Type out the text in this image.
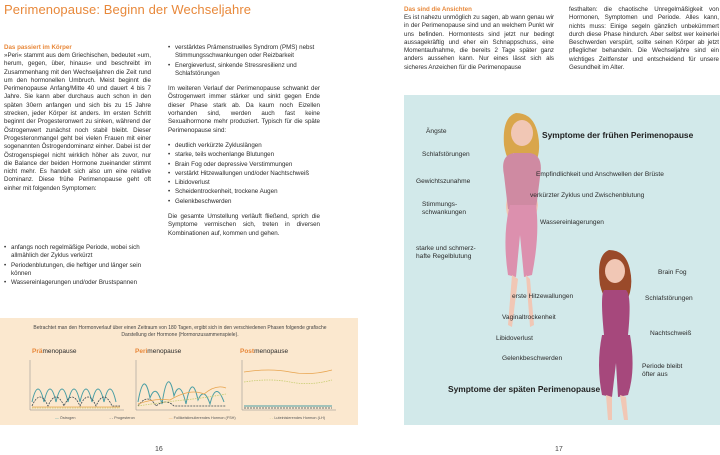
Perimenopause: Beginn der Wechseljahre
Das passiert im Körper
»Peri« stammt aus dem Griechischen, bedeutet »um, herum, gegen, über, hinaus« und beschreibt im Zusammenhang mit den Wechseljahren die Zeit rund um den hormonellen Umbruch. Meist beginnt die Perimenopause Anfang/Mitte 40 und dauert 4 bis 7 Jahre. Sie kann aber durchaus auch schon in den späten 30ern anfangen und sich bis zu 15 Jahre strecken, jeder Körper ist anders. Im ersten Schritt beginnt der Progesteronwert zu sinken, während der Östrogenwert zunächst noch stabil bleibt. Dieser Progesteronmangel geht bei vielen Frauen mit einer sogenannten Östrogendominanz einher. Dabei ist der Östrogenspiegel nicht wirklich höher als zuvor, nur die Balance der beiden Hormone zueinander stimmt nicht mehr. Es handelt sich also um eine relative Dominanz. Diese frühe Perimenopause geht oft einher mit folgenden Symptomen:
• anfangs noch regelmäßige Periode, wobei sich allmählich der Zyklus verkürzt
• Periodenblutungen, die heftiger und länger sein können
• Wassereinlagerungen und/oder Brustspannen
• verstärktes Prämenstruelles Syndrom (PMS) nebst Stimmungsschwankungen oder Reizbarkeit
• Energieverlust, sinkende Stressresilienz und Schlafstörungen
Im weiteren Verlauf der Perimenopause schwankt der Östrogenwert immer stärker und sinkt gegen Ende dieser Phase stark ab. Da kaum noch Eizellen vorhanden sind, werden auch fast keine Sexualhormone mehr produziert. Typisch für die späte Perimenopause sind:
• deutlich verkürzte Zykluslängen
• starke, teils wochenlange Blutungen
• Brain Fog oder depressive Verstimmungen
• verstärkt Hitzewallungen und/oder Nachtschweiß
• Libidoverlust
• Scheidentrockenheit, trockene Augen
• Gelenkbeschwerden
Die gesamte Umstellung verläuft fließend, sprich die Symptome vermischen sich, treten in diversen Kombinationen auf, kommen und gehen.
Betrachtet man den Hormonverlauf über einen Zeitraum von 180 Tagen, ergibt sich in den verschiedenen Phasen folgende grafische Darstellung der Hormone (Hormonzusammenspiele).
Prämenopause	Perimenopause	Postmenopause
— Östrogen	- - Progesteron	— Follikelstimulierendes Hormon (FSH)	- - Luteinisierendes Hormon (LH)
16
Das sind die Ansichten
Es ist nahezu unmöglich zu sagen, ab wann genau wir in der Perimenopause sind und an welchem Punkt wir uns befinden. Hormontests sind jetzt nur bedingt aussagekräftig und eher ein Schnappschuss, eine Momentaufnahme, die bereits 2 Tage später ganz anders aussehen kann. Nur eines lässt sich als sicheres Anzeichen für die Perimenopause
festhalten: die chaotische Unregelmäßigkeit von Hormonen, Symptomen und Periode. Alles kann, nichts muss: Einige segeln gänzlich unbekümmert durch diese Phase hindurch. Aber selbst wer keinerlei Beschwerden verspürt, sollte seinen Körper ab jetzt pfleglicher behandeln. Die Wechseljahre sind ein wichtiges Zeitfenster und entscheidend für unsere Gesundheit im Alter.
Symptome der frühen Perimenopause
Symptome der späten Perimenopause
Ängste
Schlafstörungen
Gewichtszunahme
Stimmungs-
schwankungen
Empfindlichkeit und Anschwellen der Brüste
verkürzter Zyklus und Zwischenblutung
Wassereinlagerungen
starke und schmerz-
hafte Regelblutung
Brain Fog
Schlafstörungen
erste Hitzewallungen
Vaginaltrockenheit
Nachtschweiß
Libidoverlust
Gelenkbeschwerden
Periode bleibt
öfter aus
17
